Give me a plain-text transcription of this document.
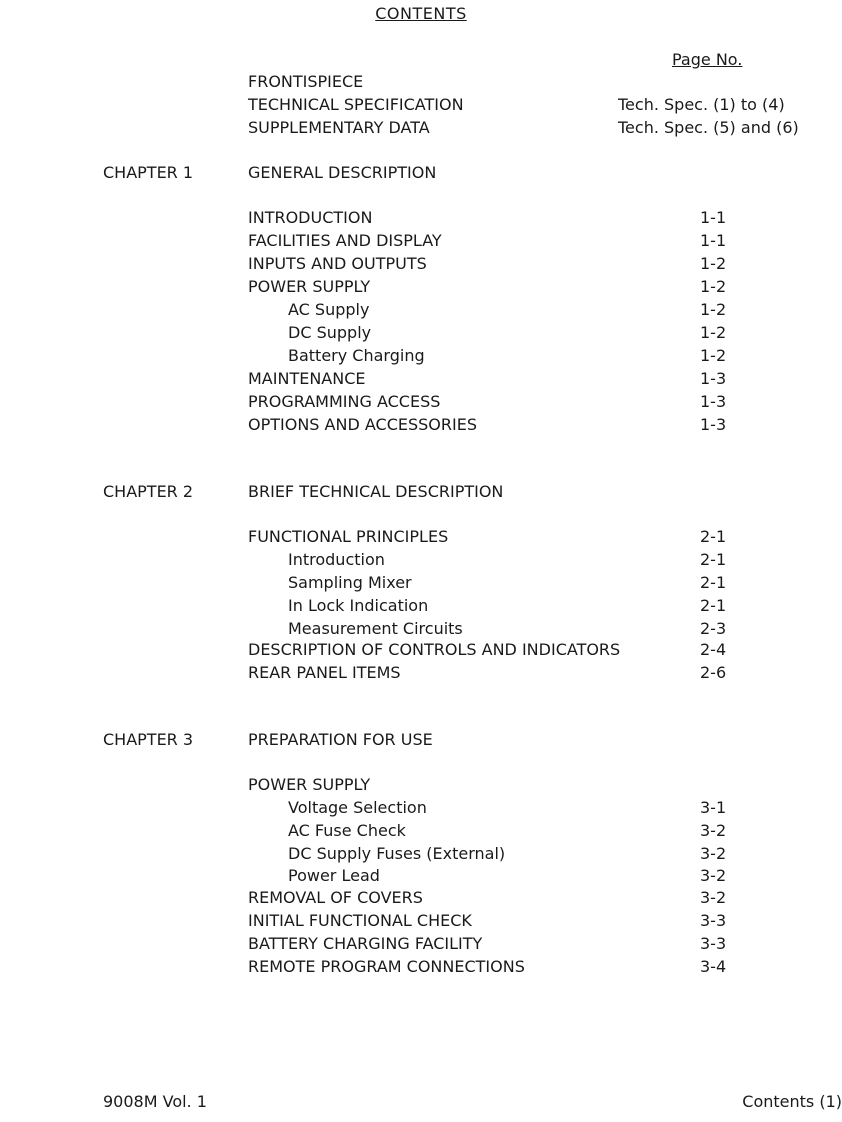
CONTENTS
Page No.
FRONTISPIECE
TECHNICAL SPECIFICATION	Tech. Spec. (1) to (4)
SUPPLEMENTARY DATA	Tech. Spec. (5) and (6)
CHAPTER 1	GENERAL DESCRIPTION
INTRODUCTION	1-1
FACILITIES AND DISPLAY	1-1
INPUTS AND OUTPUTS	1-2
POWER SUPPLY	1-2
AC Supply	1-2
DC Supply	1-2
Battery Charging	1-2
MAINTENANCE	1-3
PROGRAMMING ACCESS	1-3
OPTIONS AND ACCESSORIES	1-3
CHAPTER 2	BRIEF TECHNICAL DESCRIPTION
FUNCTIONAL PRINCIPLES	2-1
Introduction	2-1
Sampling Mixer	2-1
In Lock Indication	2-1
Measurement Circuits	2-3
DESCRIPTION OF CONTROLS AND INDICATORS	2-4
REAR PANEL ITEMS	2-6
CHAPTER 3	PREPARATION FOR USE
POWER SUPPLY
Voltage Selection	3-1
AC Fuse Check	3-2
DC Supply Fuses (External)	3-2
Power Lead	3-2
REMOVAL OF COVERS	3-2
INITIAL FUNCTIONAL CHECK	3-3
BATTERY CHARGING FACILITY	3-3
REMOTE PROGRAM CONNECTIONS	3-4
9008M Vol. 1	Contents (1)
